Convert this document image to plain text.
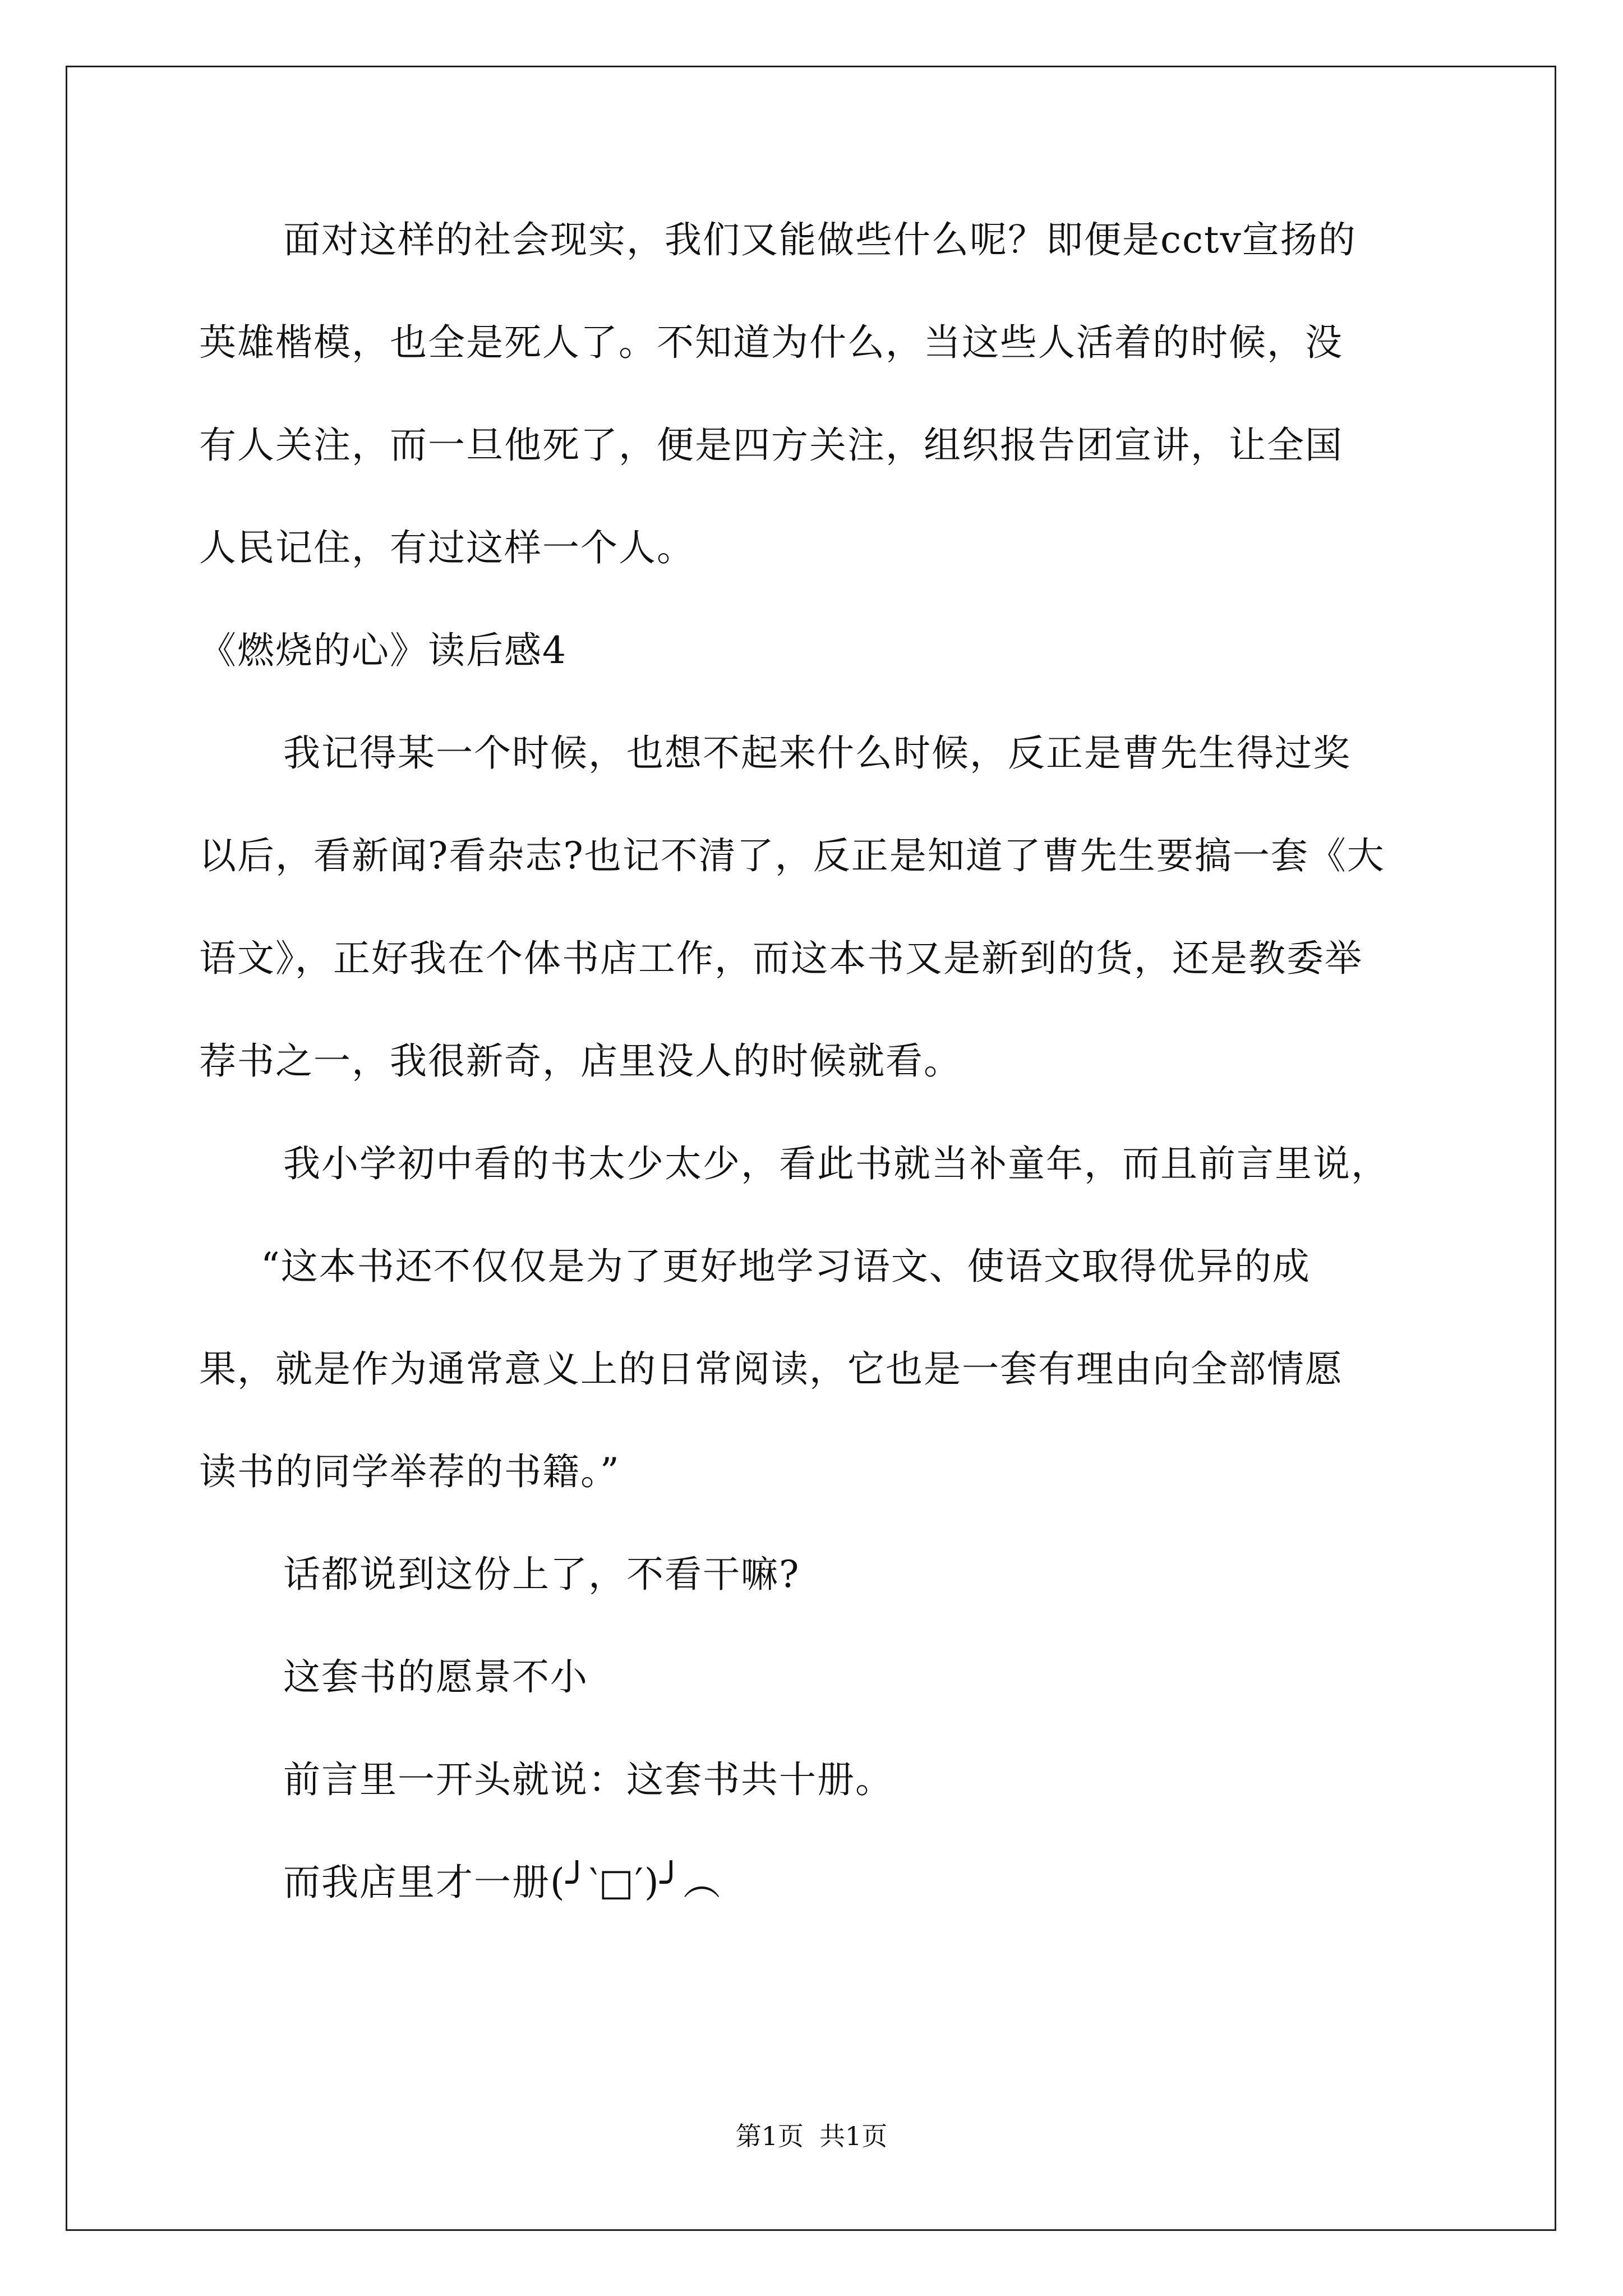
面对这样的社会现实，我们又能做些什么呢？即便是cctv宣扬的
英雄楷模，也全是死人了。不知道为什么，当这些人活着的时候，没
有人关注，而一旦他死了，便是四方关注，组织报告团宣讲，让全国
人民记住，有过这样一个人。
《燃烧的心》读后感4
我记得某一个时候，也想不起来什么时候，反正是曹先生得过奖
以后，看新闻?看杂志?也记不清了，反正是知道了曹先生要搞一套《大
语文》，正好我在个体书店工作，而这本书又是新到的货，还是教委举
荐书之一，我很新奇，店里没人的时候就看。
我小学初中看的书太少太少，看此书就当补童年，而且前言里说，
“这本书还不仅仅是为了更好地学习语文、使语文取得优异的成
果，就是作为通常意义上的日常阅读，它也是一套有理由向全部情愿
读书的同学举荐的书籍。”
话都说到这份上了，不看干嘛?
这套书的愿景不小
前言里一开头就说：这套书共十册。
而我店里才一册(╯‵□′)╯︵
第1页 共1页
